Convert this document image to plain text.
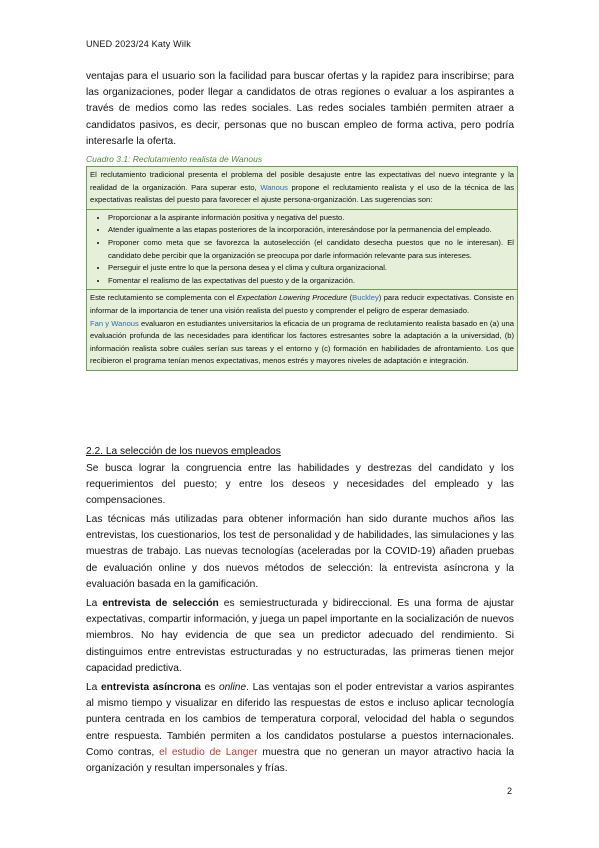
UNED 2023/24 Katy Wilk
ventajas para el usuario son la facilidad para buscar ofertas y la rapidez para inscribirse; para las organizaciones, poder llegar a candidatos de otras regiones o evaluar a los aspirantes a través de medios como las redes sociales. Las redes sociales también permiten atraer a candidatos pasivos, es decir, personas que no buscan empleo de forma activa, pero podría interesarle la oferta.
Cuadro 3.1: Reclutamiento realista de Wanous
El reclutamiento tradicional presenta el problema del posible desajuste entre las expectativas del nuevo integrante y la realidad de la organización. Para superar esto, Wanous propone el reclutamiento realista y el uso de la técnica de las expectativas realistas del puesto para favorecer el ajuste persona-organización. Las sugerencias son:
• Proporcionar a la aspirante información positiva y negativa del puesto.
• Atender igualmente a las etapas posteriores de la incorporación, interesándose por la permanencia del empleado.
• Proponer como meta que se favorezca la autoselección (el candidato desecha puestos que no le interesan). El candidato debe percibir que la organización se preocupa por darle información relevante para sus intereses.
• Perseguir el juste entre lo que la persona desea y el clima y cultura organizacional.
• Fomentar el realismo de las expectativas del puesto y de la organización.
Este reclutamiento se complementa con el Expectation Lowering Procedure (Buckley) para reducir expectativas. Consiste en informar de la importancia de tener una visión realista del puesto y comprender el peligro de esperar demasiado.
Fan y Wanous evaluaron en estudiantes universitarios la eficacia de un programa de reclutamiento realista basado en (a) una evaluación profunda de las necesidades para identificar los factores estresantes sobre la adaptación a la universidad, (b) información realista sobre cuáles serían sus tareas y el entorno y (c) formación en habilidades de afrontamiento. Los que recibieron el programa tenían menos expectativas, menos estrés y mayores niveles de adaptación e integración.
2.2. La selección de los nuevos empleados
Se busca lograr la congruencia entre las habilidades y destrezas del candidato y los requerimientos del puesto; y entre los deseos y necesidades del empleado y las compensaciones.
Las técnicas más utilizadas para obtener información han sido durante muchos años las entrevistas, los cuestionarios, los test de personalidad y de habilidades, las simulaciones y las muestras de trabajo. Las nuevas tecnologías (aceleradas por la COVID-19) añaden pruebas de evaluación online y dos nuevos métodos de selección: la entrevista asíncrona y la evaluación basada en la gamificación.
La entrevista de selección es semiestructurada y bidireccional. Es una forma de ajustar expectativas, compartir información, y juega un papel importante en la socialización de nuevos miembros. No hay evidencia de que sea un predictor adecuado del rendimiento. Si distinguimos entre entrevistas estructuradas y no estructuradas, las primeras tienen mejor capacidad predictiva.
La entrevista asíncrona es online. Las ventajas son el poder entrevistar a varios aspirantes al mismo tiempo y visualizar en diferido las respuestas de estos e incluso aplicar tecnología puntera centrada en los cambios de temperatura corporal, velocidad del habla o segundos entre respuesta. También permiten a los candidatos postularse a puestos internacionales. Como contras, el estudio de Langer muestra que no generan un mayor atractivo hacia la organización y resultan impersonales y frías.
2
